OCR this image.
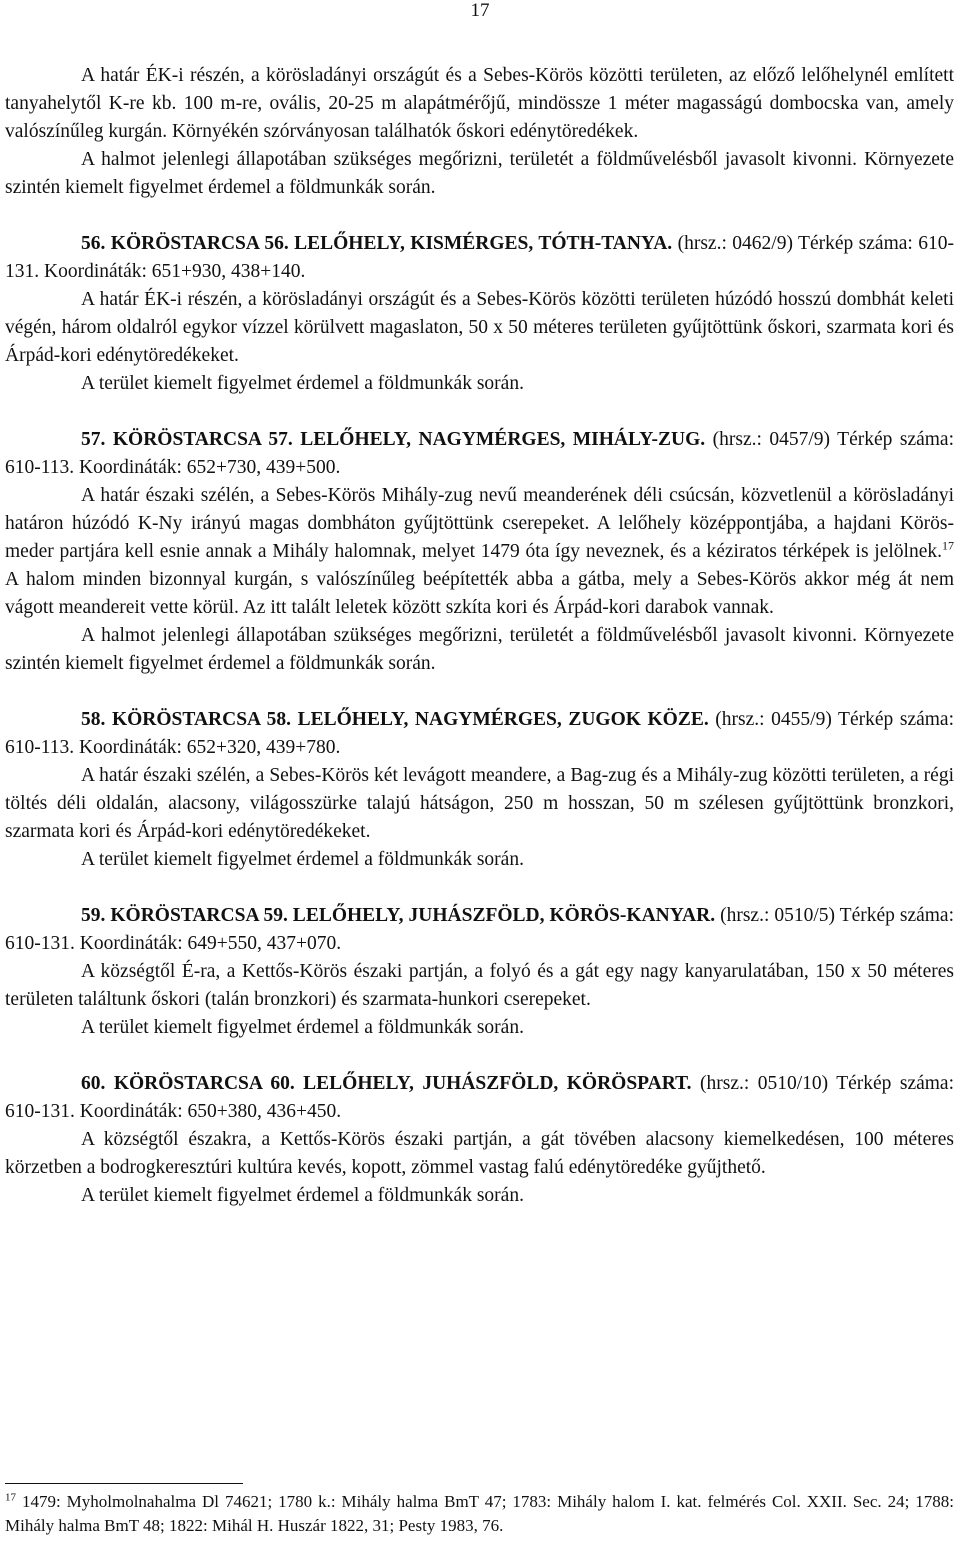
17

A határ ÉK-i részén, a körösladányi országút és a Sebes-Körös közötti területen, az előző lelőhelynél említett tanyahelytől K-re kb. 100 m-re, ovális, 20-25 m alapátmérőjű, mindössze 1 méter magasságú dombocska van, amely valószínűleg kurgán. Környékén szórványosan találhatók őskori edénytöredékek.

A halmot jelenlegi állapotában szükséges megőrizni, területét a földművelésből javasolt kivonni. Környezete szintén kiemelt figyelmet érdemel a földmunkák során.

56. KÖRÖSTARCSA 56. LELŐHELY, KISMÉRGES, TÓTH-TANYA. (hrsz.: 0462/9) Térkép száma: 610-131. Koordináták: 651+930, 438+140.

A határ ÉK-i részén, a körösladányi országút és a Sebes-Körös közötti területen húzódó hosszú dombhát keleti végén, három oldalról egykor vízzel körülvett magaslaton, 50 x 50 méteres területen gyűjtöttünk őskori, szarmata kori és Árpád-kori edénytöredékeket.

A terület kiemelt figyelmet érdemel a földmunkák során.

57. KÖRÖSTARCSA 57. LELŐHELY, NAGYMÉRGES, MIHÁLY-ZUG. (hrsz.: 0457/9) Térkép száma: 610-113. Koordináták: 652+730, 439+500.

A határ északi szélén, a Sebes-Körös Mihály-zug nevű meanderének déli csúcsán, közvetlenül a körösladányi határon húzódó K-Ny irányú magas dombháton gyűjtöttünk cserepeket. A lelőhely középpontjába, a hajdani Körös-meder partjára kell esnie annak a Mihály halomnak, melyet 1479 óta így neveznek, és a kéziratos térképek is jelölnek.$^{17}$ A halom minden bizonnyal kurgán, s valószínűleg beépítették abba a gátba, mely a Sebes-Körös akkor még át nem vágott meandereit vette körül. Az itt talált leletek között szkíta kori és Árpád-kori darabok vannak.

A halmot jelenlegi állapotában szükséges megőrizni, területét a földművelésből javasolt kivonni. Környezete szintén kiemelt figyelmet érdemel a földmunkák során.

58. KÖRÖSTARCSA 58. LELŐHELY, NAGYMÉRGES, ZUGOK KÖZE. (hrsz.: 0455/9) Térkép száma: 610-113. Koordináták: 652+320, 439+780.

A határ északi szélén, a Sebes-Körös két levágott meandere, a Bag-zug és a Mihály-zug közötti területen, a régi töltés déli oldalán, alacsony, világosszürke talajú hátságon, 250 m hosszan, 50 m szélesen gyűjtöttünk bronzkori, szarmata kori és Árpád-kori edénytöredékeket.

A terület kiemelt figyelmet érdemel a földmunkák során.

59. KÖRÖSTARCSA 59. LELŐHELY, JUHÁSZFÖLD, KÖRÖS-KANYAR. (hrsz.: 0510/5) Térkép száma: 610-131. Koordináták: 649+550, 437+070.

A községtől É-ra, a Kettős-Körös északi partján, a folyó és a gát egy nagy kanyarulatában, 150 x 50 méteres területen találtunk őskori (talán bronzkori) és szarmata-hunkori cserepeket.

A terület kiemelt figyelmet érdemel a földmunkák során.

60. KÖRÖSTARCSA 60. LELŐHELY, JUHÁSZFÖLD, KÖRÖSPART. (hrsz.: 0510/10) Térkép száma: 610-131. Koordináták: 650+380, 436+450.

A községtől északra, a Kettős-Körös északi partján, a gát tövében alacsony kiemelkedésen, 100 méteres körzetben a bodrogkeresztúri kultúra kevés, kopott, zömmel vastag falú edénytöredéke gyűjthető.

A terület kiemelt figyelmet érdemel a földmunkák során.

$^{17}$ 1479: Myholmolnahalma Dl 74621; 1780 k.: Mihály halma BmT 47; 1783: Mihály halom I. kat. felmérés Col. XXII. Sec. 24; 1788: Mihály halma BmT 48; 1822: Mihál H. Huszár 1822, 31; Pesty 1983, 76.
